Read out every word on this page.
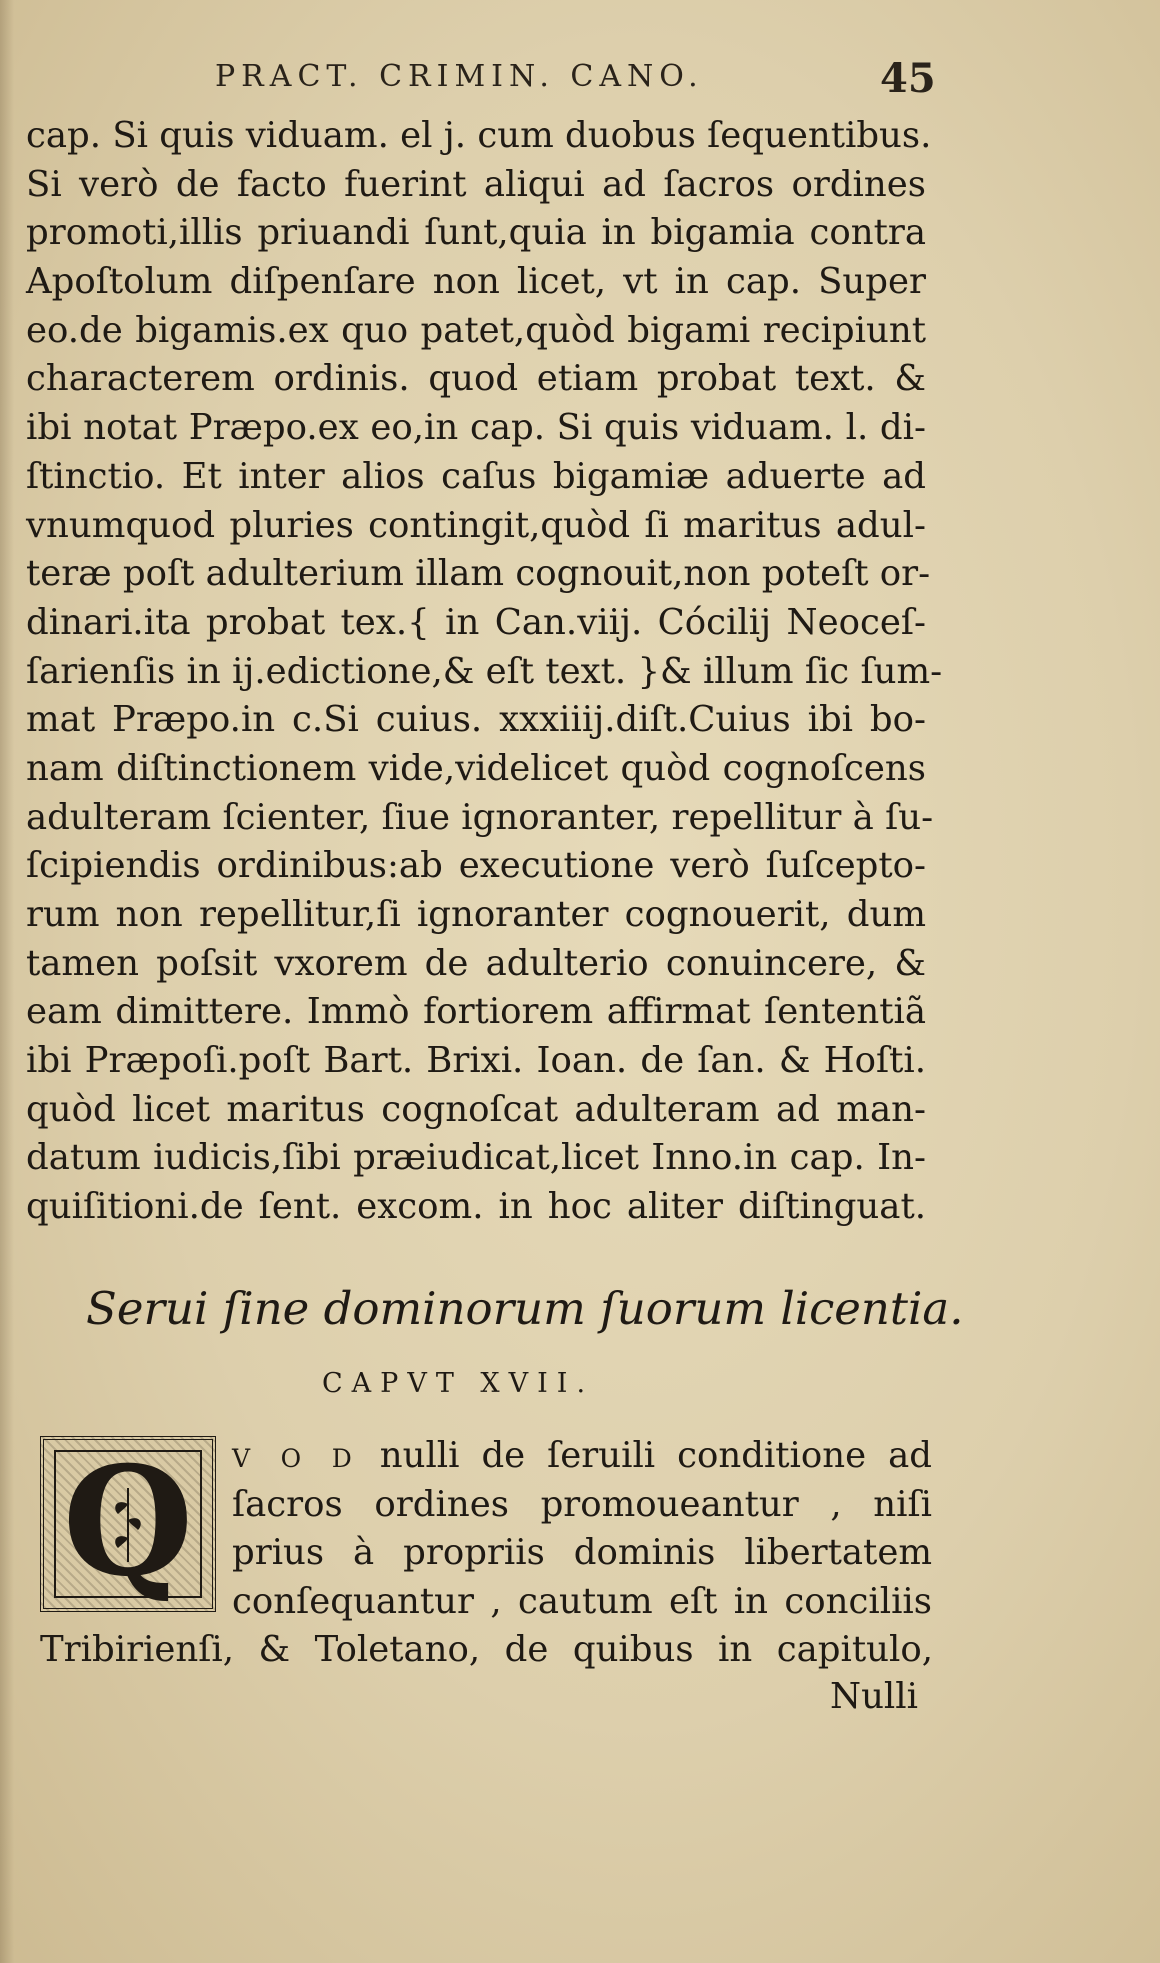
PRACT. CRIMIN. CANO.	45
cap. Si quis viduam. el j. cum duobus ſequentibus.
Si verò de facto fuerint aliqui ad ſacros ordines
promoti,illis priuandi ſunt,quia in bigamia contra
Apoſtolum diſpenſare non licet, vt in cap. Super
eo.de bigamis.ex quo patet,quòd bigami recipiunt
characterem ordinis. quod etiam probat text. &
ibi notat Præpo.ex eo,in cap. Si quis viduam. l. di-
ſtinctio. Et inter alios caſus bigamiæ aduerte ad
vnumquod pluries contingit,quòd ſi maritus adul-
teræ poſt adulterium illam cognouit,non poteſt or-
dinari.ita probat tex.{ in Can.viij. Cócilij Neoceſ-
ſarienſis in ij.edictione,& eſt text. }& illum ſic ſum-
mat Præpo.in c.Si cuius. xxxiiij.diſt.Cuius ibi bo-
nam diſtinctionem vide,videlicet quòd cognoſcens
adulteram ſcienter, ſiue ignoranter, repellitur à ſu-
ſcipiendis ordinibus:ab executione verò ſuſcepto-
rum non repellitur,ſi ignoranter cognouerit, dum
tamen poſsit vxorem de adulterio conuincere, &
eam dimittere. Immò fortiorem affirmat ſententiã
ibi Præpoſi.poſt Bart. Brixi. Ioan. de ſan. & Hoſti.
quòd licet maritus cognoſcat adulteram ad man-
datum iudicis,ſibi præiudicat,licet Inno.in cap. In-
quiſitioni.de ſent. excom. in hoc aliter diſtinguat.
Serui ſine dominorum ſuorum licentia.
CAPVT XVII.
Q	V O D nulli de ſeruili conditione ad
ſacros ordines promoueantur , niſi
prius à propriis dominis libertatem
conſequantur , cautum eſt in conciliis
Tribirienſi, & Toletano, de quibus in capitulo,
Nulli
